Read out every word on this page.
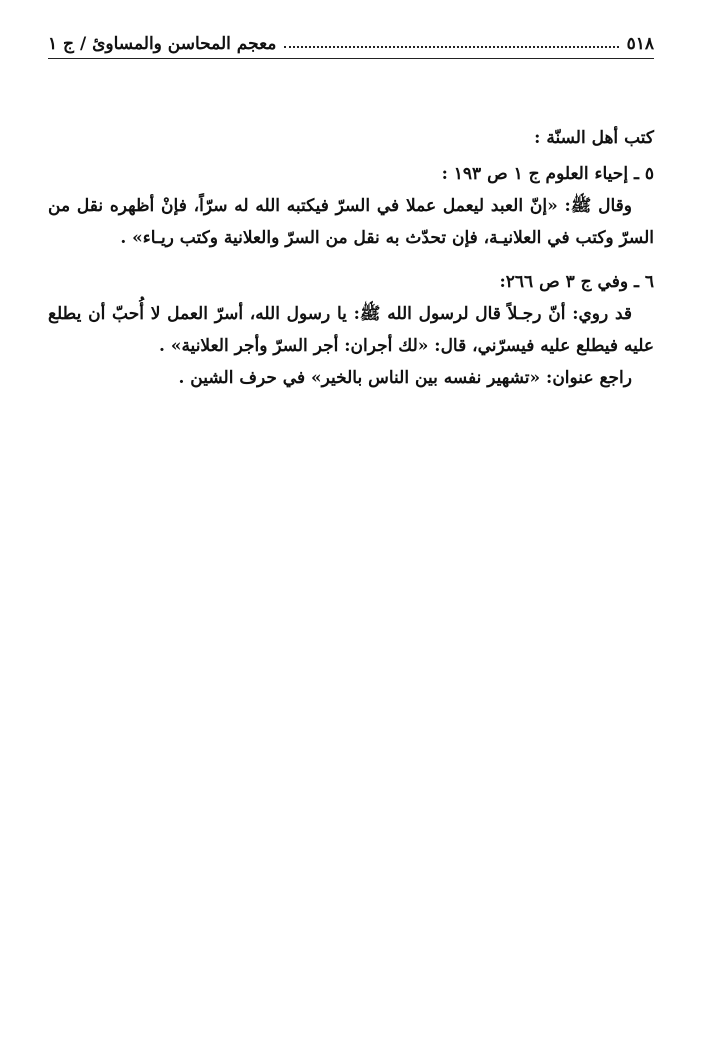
٥١٨
معجم المحاسن والمساوئ / ج ١

كتب أهل السنّة :

٥ ـ إحياء العلوم ج ١ ص ١٩٣ :

وقال ﷺ: «إنّ العبد ليعمل عملا في السرّ فيكتبه الله له سرّاً، فإنْ أظهره نقل من السرّ وكتب في العلانيـة، فإن تحدّث به نقل من السرّ والعلانية وكتب ريـاء» .

٦ ـ وفي ج ٣ ص ٢٦٦:

قد روي: أنّ رجـلاً قال لرسول الله ﷺ: يا رسول الله، أسرّ العمل لا أُحبّ أن يطلع عليه فيطلع عليه فيسرّني، قال: «لك أجران: أجر السرّ وأجر العلانية» .

راجع عنوان: «تشهير نفسه بين الناس بالخير» في حرف الشين .
